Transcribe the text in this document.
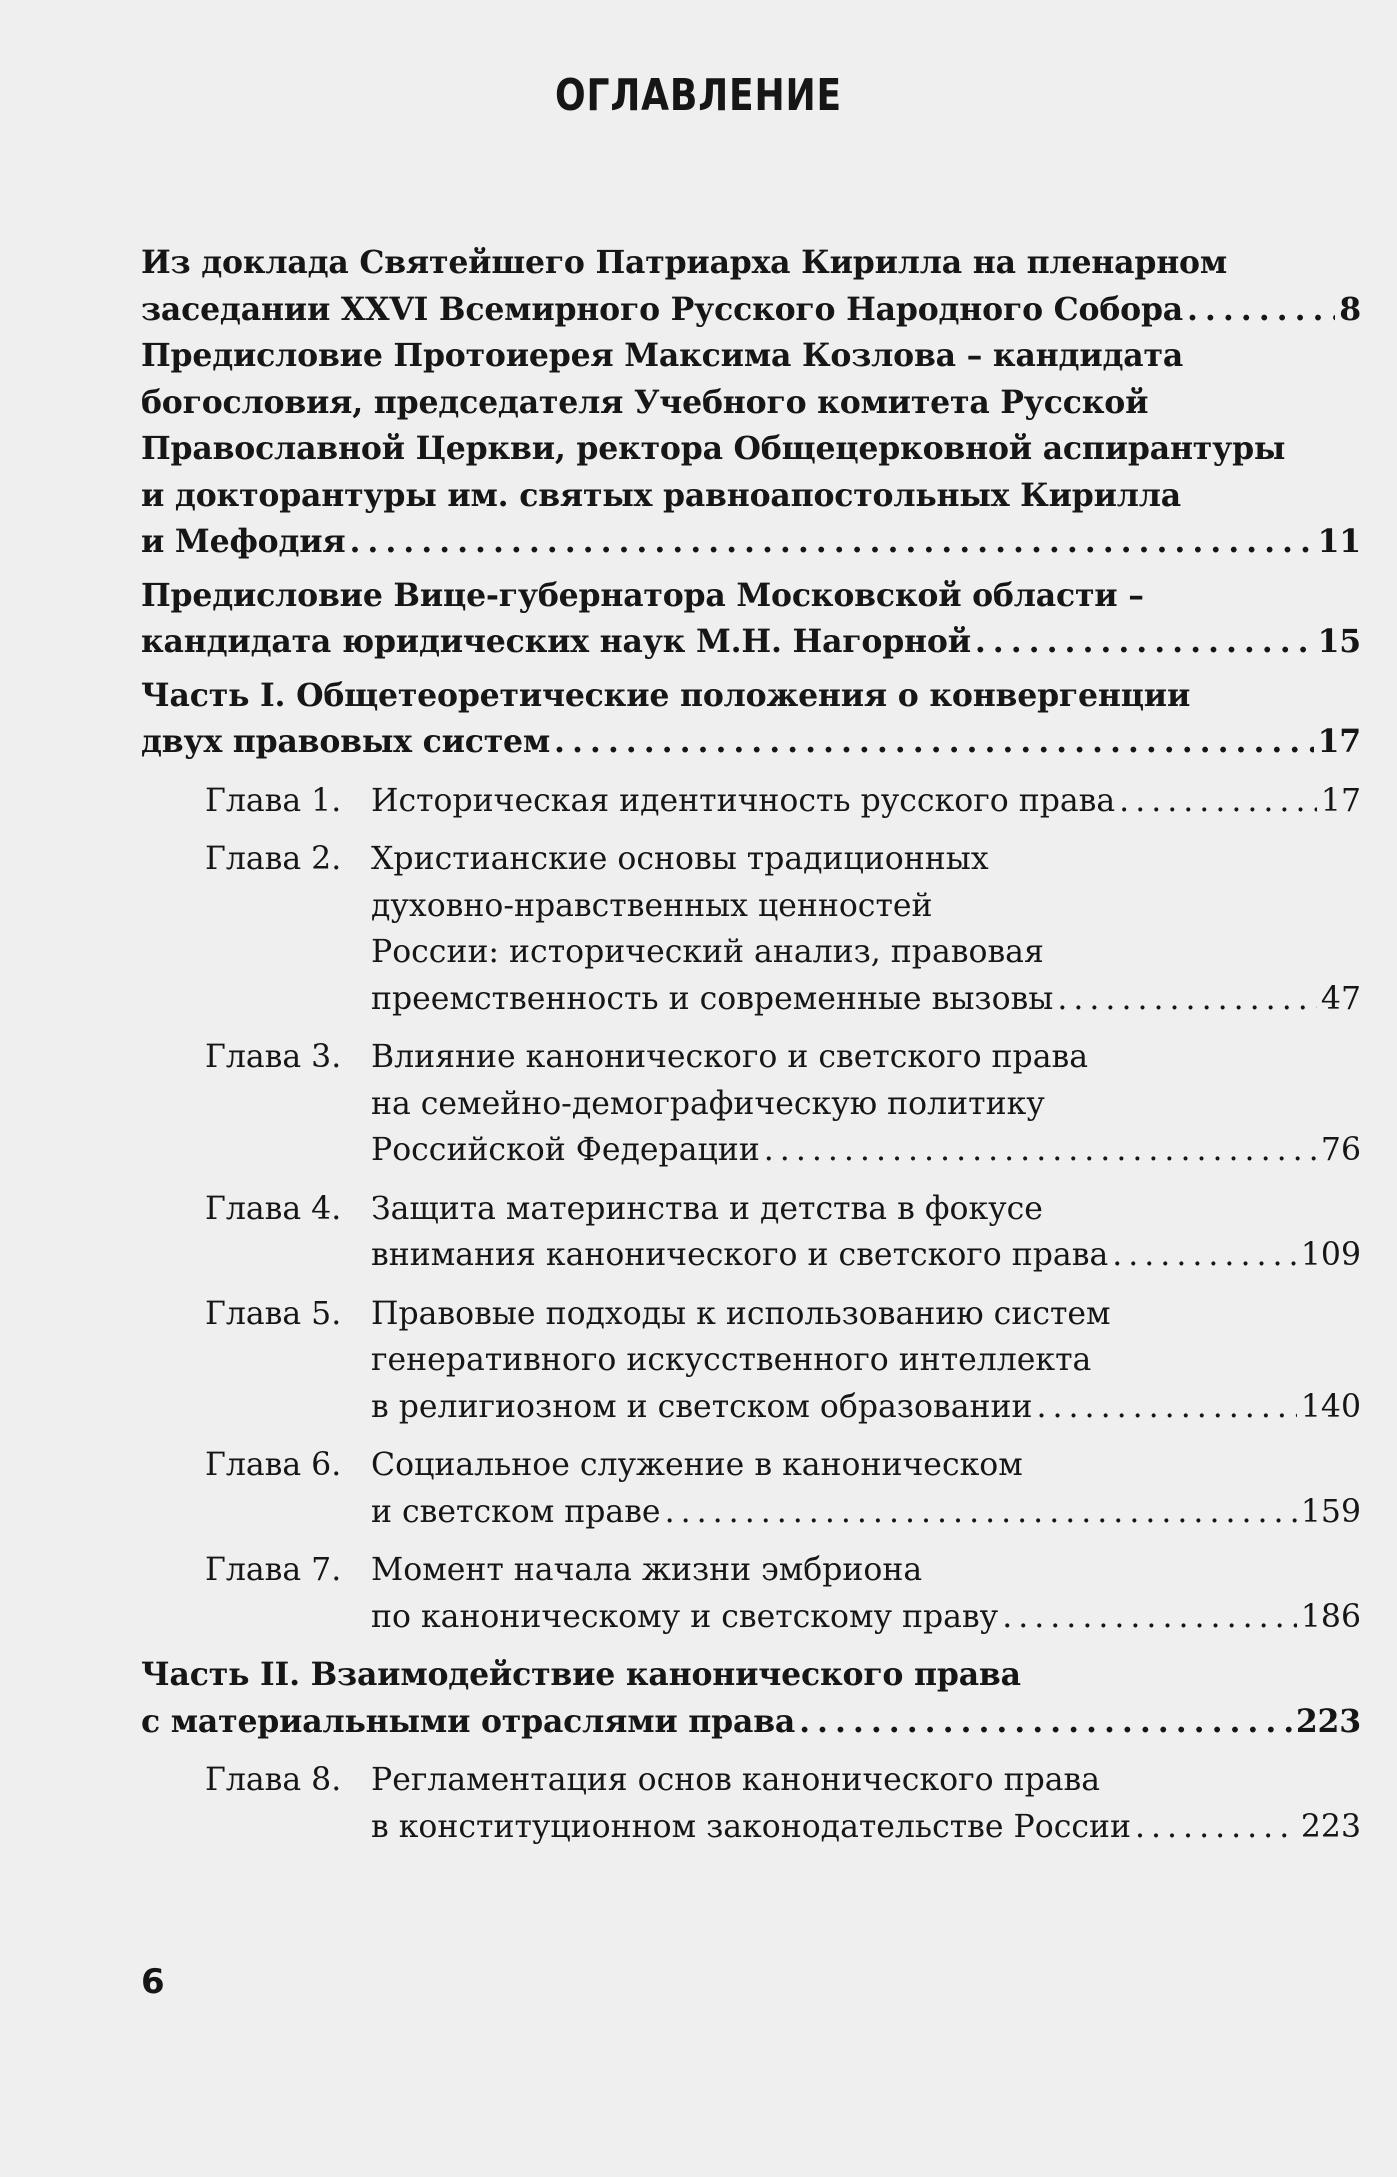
ОГЛАВЛЕНИЕ
Из доклада Святейшего Патриарха Кирилла на пленарном
заседании XXVI Всемирного Русского Народного Собора . . .	8
Предисловие Протоиерея Максима Козлова – кандидата
богословия, председателя Учебного комитета Русской
Православной Церкви, ректора Общецерковной аспирантуры
и докторантуры им. святых равноапостольных Кирилла
и Мефодия . . .	11
Предисловие Вице-губернатора Московской области –
кандидата юридических наук М.Н. Нагорной . . .	15
Часть I. Общетеоретические положения о конвергенции
двух правовых систем . . .	17
Глава 1. Историческая идентичность русского права . . .	17
Глава 2. Христианские основы традиционных
духовно-нравственных ценностей
России: исторический анализ, правовая
преемственность и современные вызовы . . .	47
Глава 3. Влияние канонического и светского права
на семейно-демографическую политику
Российской Федерации . . .	76
Глава 4. Защита материнства и детства в фокусе
внимания канонического и светского права . . .	109
Глава 5. Правовые подходы к использованию систем
генеративного искусственного интеллекта
в религиозном и светском образовании . . .	140
Глава 6. Социальное служение в каноническом
и светском праве . . .	159
Глава 7. Момент начала жизни эмбриона
по каноническому и светскому праву . . .	186
Часть II. Взаимодействие канонического права
с материальными отраслями права . . .	223
Глава 8. Регламентация основ канонического права
в конституционном законодательстве России . . .	223
6
